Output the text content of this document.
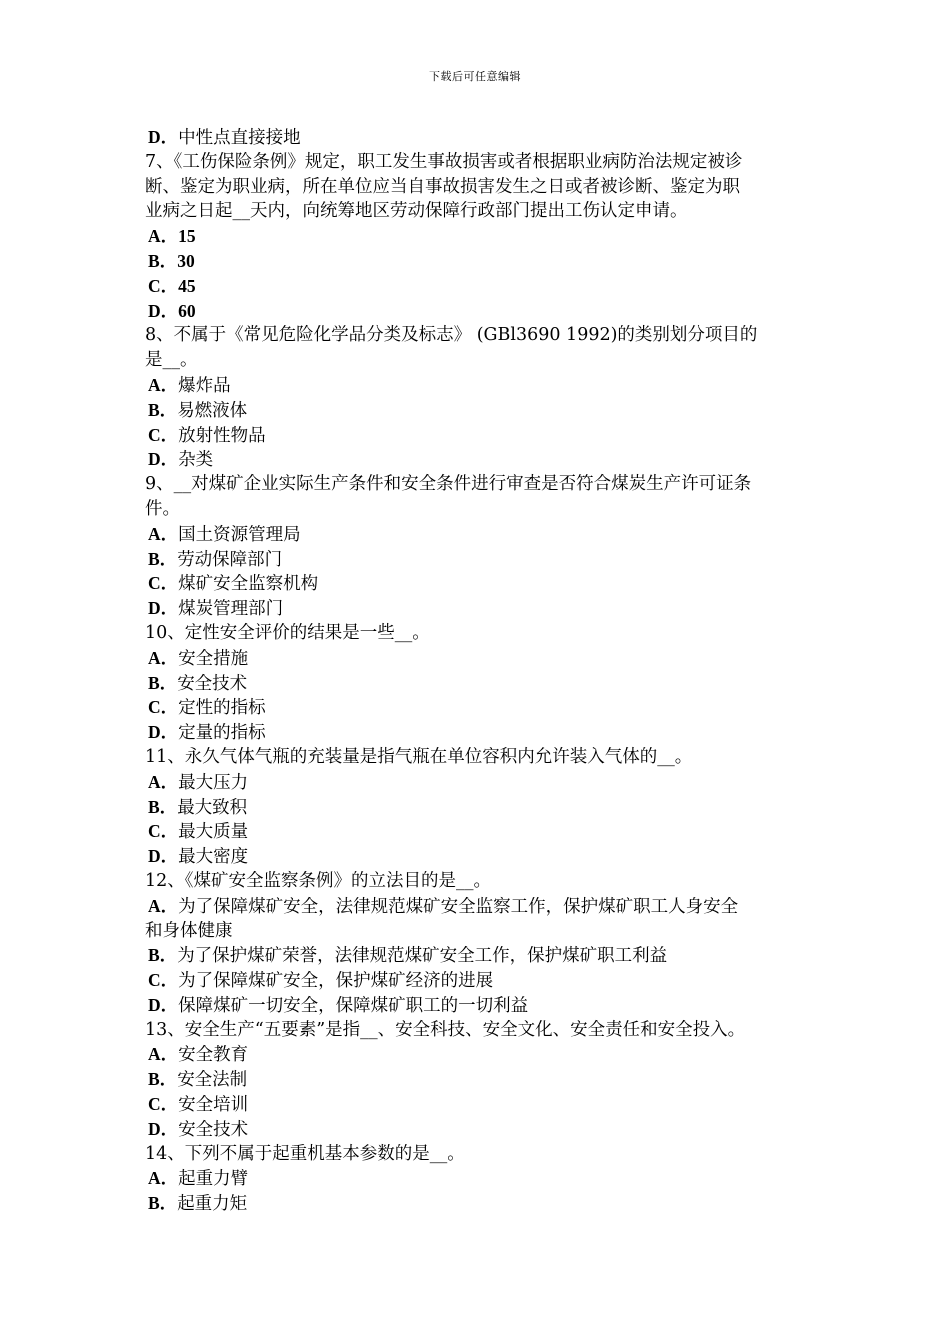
下载后可任意编辑
D．中性点直接接地
7、《工伤保险条例》规定，职工发生事故损害或者根据职业病防治法规定被诊
断、鉴定为职业病，所在单位应当自事故损害发生之日或者被诊断、鉴定为职
业病之日起__天内，向统筹地区劳动保障行政部门提出工伤认定申请。
A．15
B．30
C．45
D．60
8、不属于《常见危险化学品分类及标志》 (GBl3690 1992)的类别划分项目的
是__。
A．爆炸品
B．易燃液体
C．放射性物品
D．杂类
9、__对煤矿企业实际生产条件和安全条件进行审查是否符合煤炭生产许可证条
件。
A．国土资源管理局
B．劳动保障部门
C．煤矿安全监察机构
D．煤炭管理部门
10、定性安全评价的结果是一些__。
A．安全措施
B．安全技术
C．定性的指标
D．定量的指标
11、永久气体气瓶的充装量是指气瓶在单位容积内允许装入气体的__。
A．最大压力
B．最大致积
C．最大质量
D．最大密度
12、《煤矿安全监察条例》的立法目的是__。
A．为了保障煤矿安全，法律规范煤矿安全监察工作，保护煤矿职工人身安全
和身体健康
B．为了保护煤矿荣誉，法律规范煤矿安全工作，保护煤矿职工利益
C．为了保障煤矿安全，保护煤矿经济的进展
D．保障煤矿一切安全，保障煤矿职工的一切利益
13、安全生产“五要素”是指__、安全科技、安全文化、安全责任和安全投入。
A．安全教育
B．安全法制
C．安全培训
D．安全技术
14、下列不属于起重机基本参数的是__。
A．起重力臂
B．起重力矩
